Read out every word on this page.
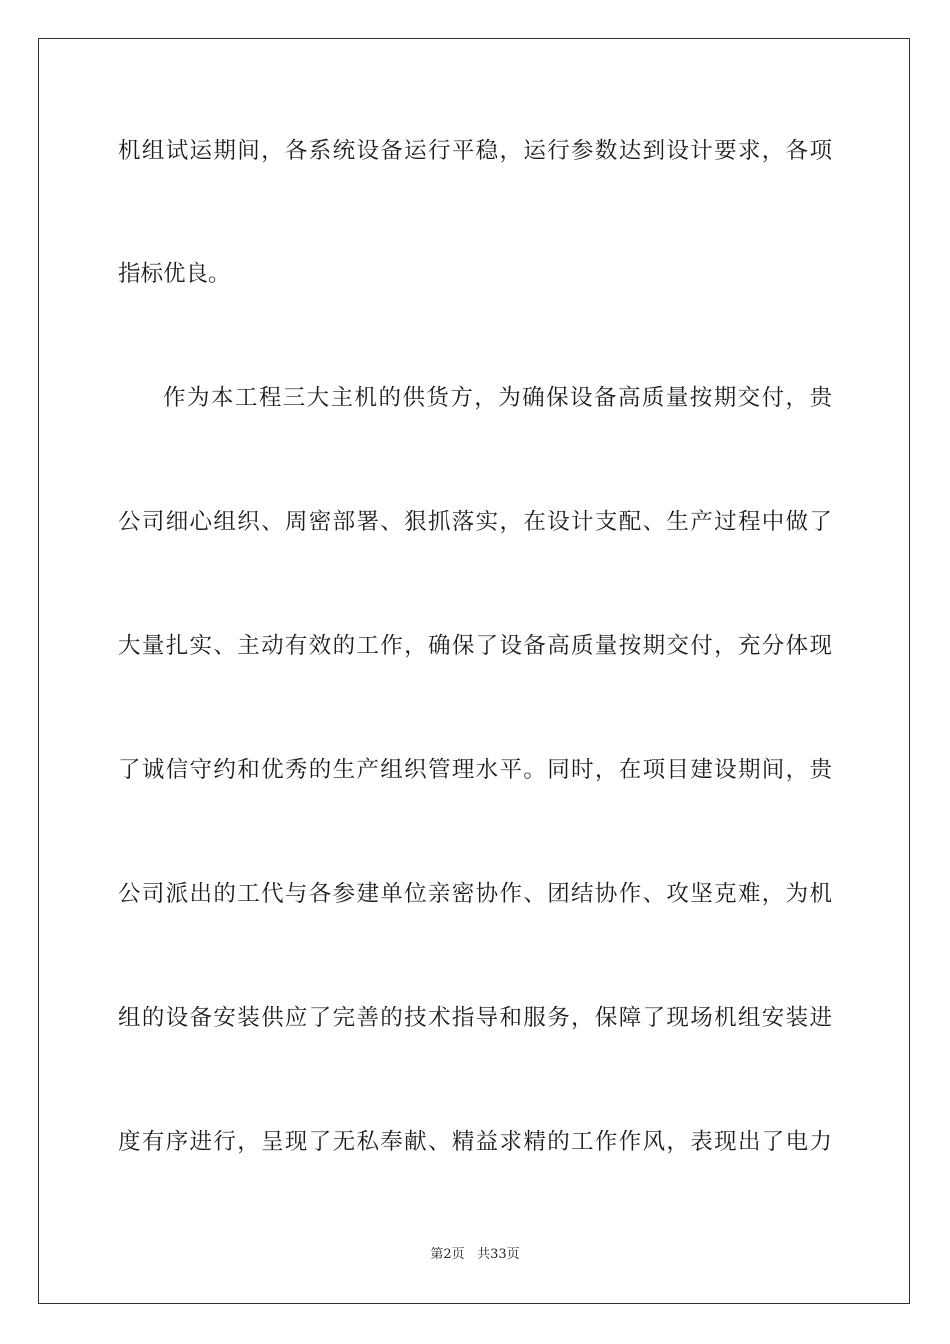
机组试运期间，各系统设备运行平稳，运行参数达到设计要求，各项
指标优良。
作为本工程三大主机的供货方，为确保设备高质量按期交付，贵
公司细心组织、周密部署、狠抓落实，在设计支配、生产过程中做了
大量扎实、主动有效的工作，确保了设备高质量按期交付，充分体现
了诚信守约和优秀的生产组织管理水平。同时，在项目建设期间，贵
公司派出的工代与各参建单位亲密协作、团结协作、攻坚克难，为机
组的设备安装供应了完善的技术指导和服务，保障了现场机组安装进
度有序进行，呈现了无私奉献、精益求精的工作作风，表现出了电力
第2页 共33页
